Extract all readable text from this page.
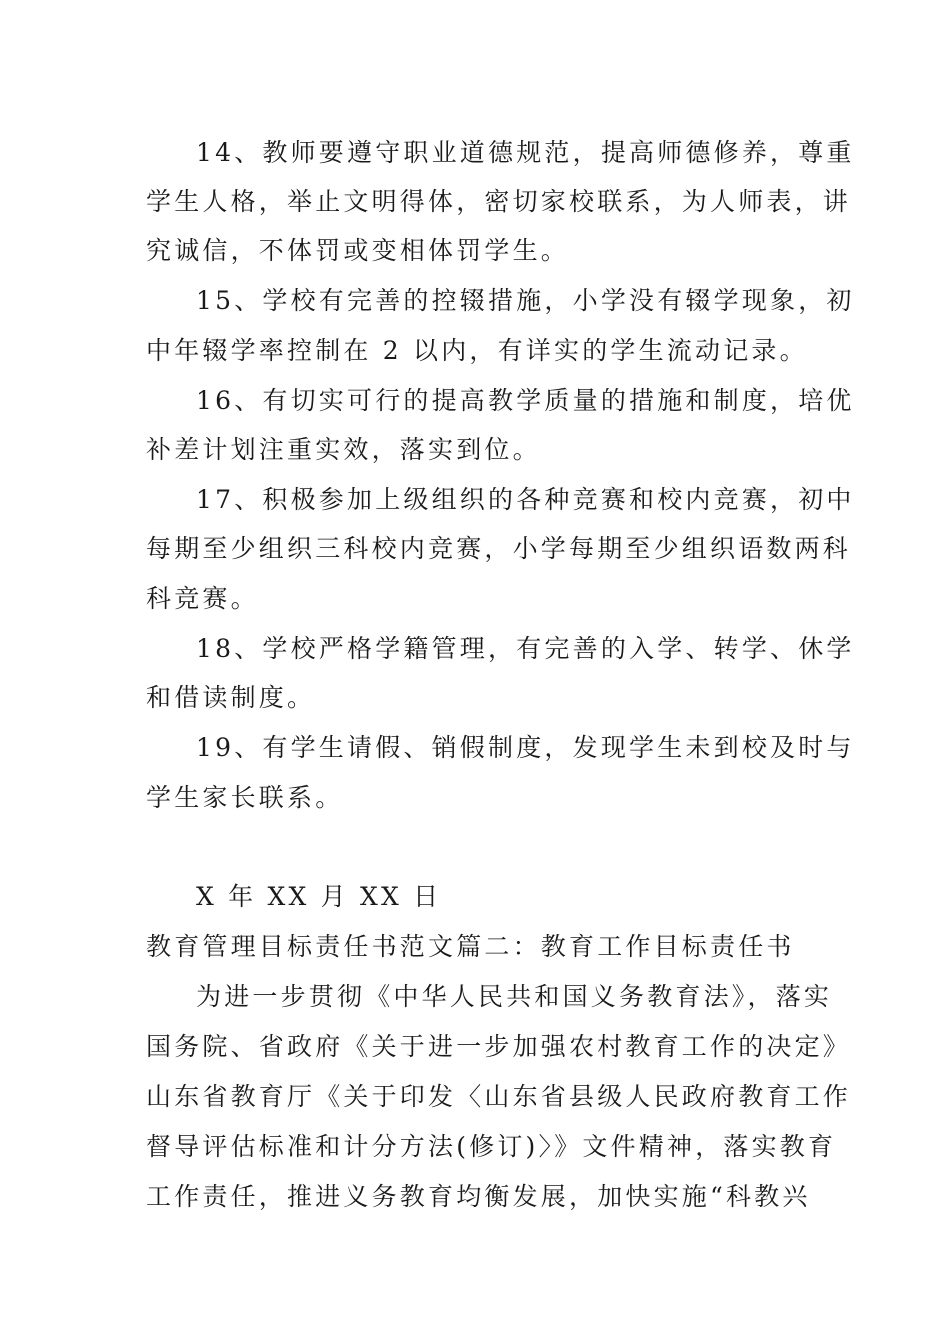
14、教师要遵守职业道德规范，提高师德修养，尊重
学生人格，举止文明得体，密切家校联系，为人师表，讲
究诚信，不体罚或变相体罚学生。
15、学校有完善的控辍措施，小学没有辍学现象，初
中年辍学率控制在 2 以内，有详实的学生流动记录。
16、有切实可行的提高教学质量的措施和制度，培优
补差计划注重实效，落实到位。
17、积极参加上级组织的各种竞赛和校内竞赛，初中
每期至少组织三科校内竞赛，小学每期至少组织语数两科
科竞赛。
18、学校严格学籍管理，有完善的入学、转学、休学
和借读制度。
19、有学生请假、销假制度，发现学生未到校及时与
学生家长联系。
X 年 XX 月 XX 日
教育管理目标责任书范文篇二：教育工作目标责任书
为进一步贯彻《中华人民共和国义务教育法》，落实
国务院、省政府《关于进一步加强农村教育工作的决定》
山东省教育厅《关于印发〈山东省县级人民政府教育工作
督导评估标准和计分方法(修订)〉》文件精神，落实教育
工作责任，推进义务教育均衡发展，加快实施“科教兴
